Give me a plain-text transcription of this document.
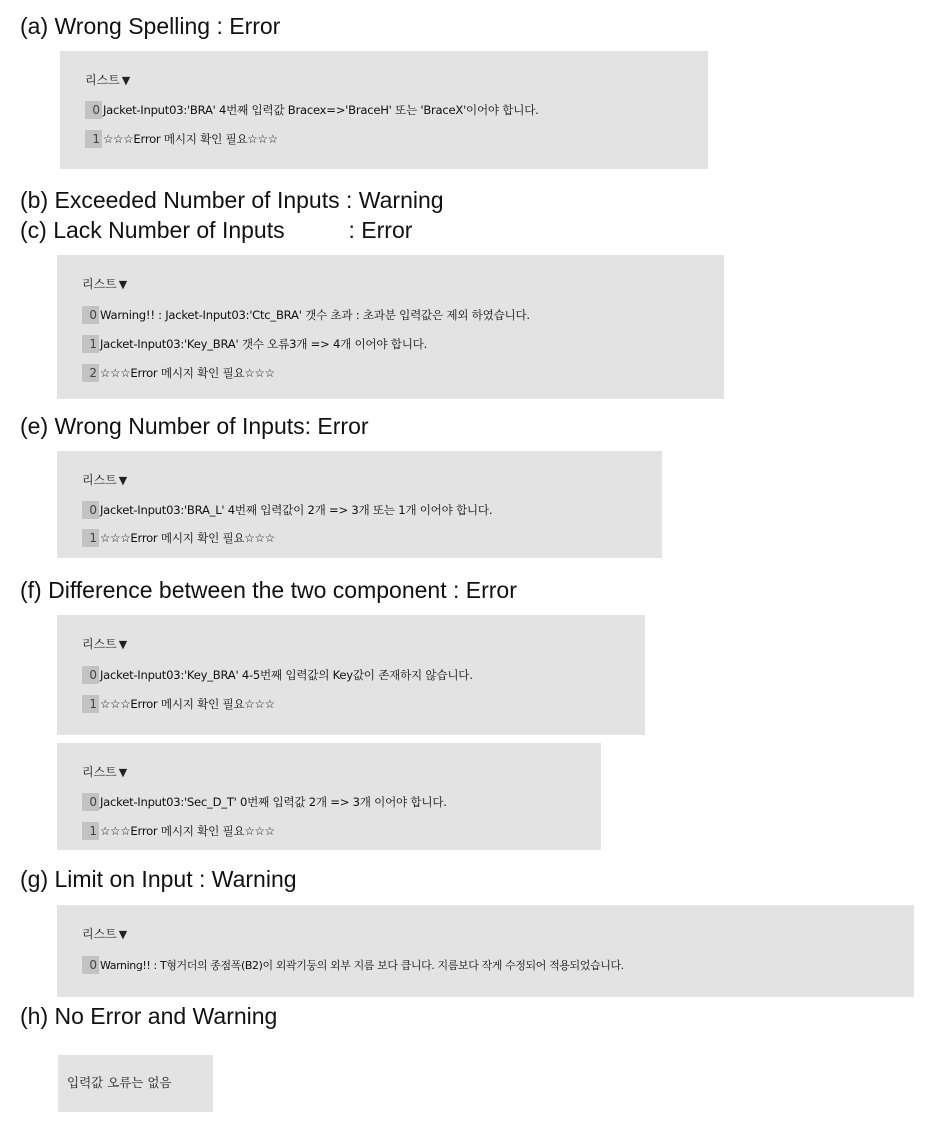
(a) Wrong Spelling : Error
리스트 ▼
0 Jacket-Input03:'BRA' 4번째 입력값 Bracex=>'BraceH' 또는 'BraceX'이어야 합니다.
1 ☆☆☆Error 메시지 확인 필요☆☆☆
(b) Exceeded Number of Inputs : Warning
(c) Lack Number of Inputs          : Error
리스트 ▼
0 Warning!! : Jacket-Input03:'Ctc_BRA' 갯수 초과 : 초과분 입력값은 제외 하였습니다.
1 Jacket-Input03:'Key_BRA' 갯수 오류3개 => 4개 이어야 합니다.
2 ☆☆☆Error 메시지 확인 필요☆☆☆
(e) Wrong Number of Inputs: Error
리스트 ▼
0 Jacket-Input03:'BRA_L' 4번째 입력값이 2개 => 3개 또는 1개 이어야 합니다.
1 ☆☆☆Error 메시지 확인 필요☆☆☆
(f) Difference between the two component : Error
리스트 ▼
0 Jacket-Input03:'Key_BRA' 4-5번째 입력값의 Key값이 존재하지 않습니다.
1 ☆☆☆Error 메시지 확인 필요☆☆☆
리스트 ▼
0 Jacket-Input03:'Sec_D_T' 0번째 입력값 2개 => 3개 이어야 합니다.
1 ☆☆☆Error 메시지 확인 필요☆☆☆
(g) Limit on Input : Warning
리스트 ▼
0 Warning!! : T형거더의 종점폭(B2)이 외곽기둥의 외부 지름 보다 큽니다. 지름보다 작게 수정되어 적용되었습니다.
(h) No Error and Warning
입력값 오류는 없음
